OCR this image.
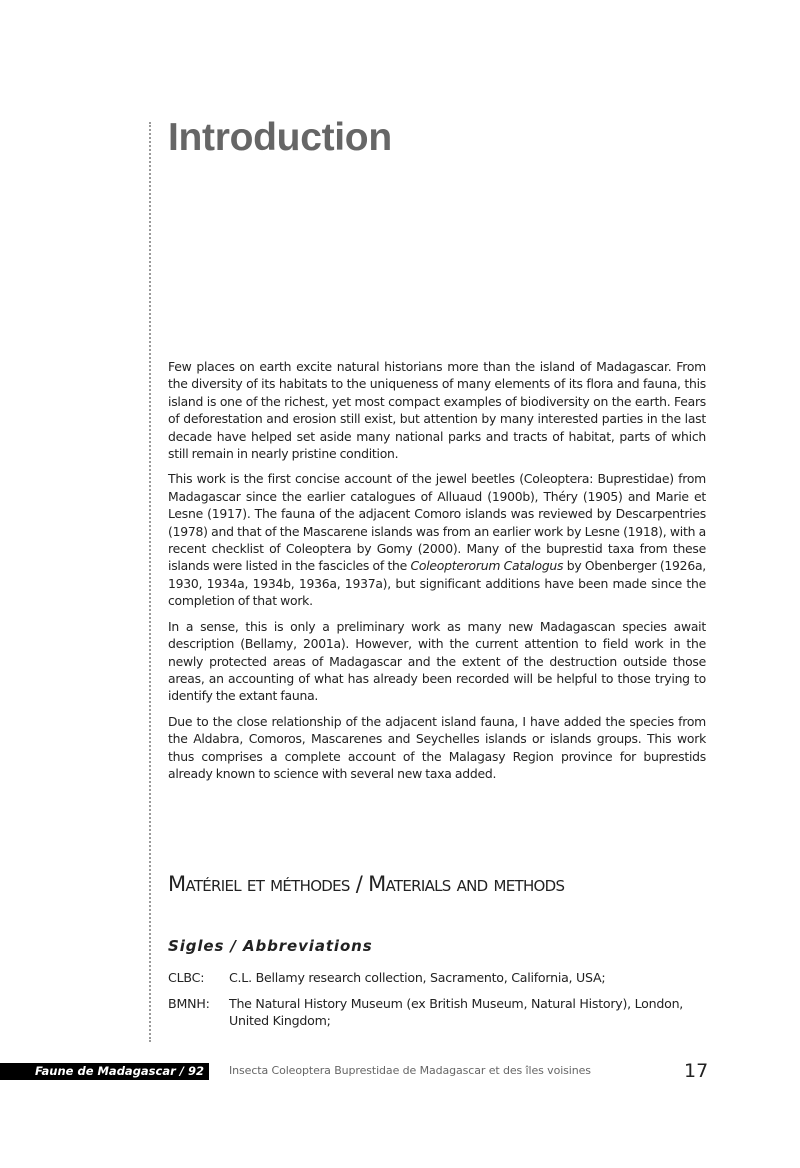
Introduction

Few places on earth excite natural historians more than the island of Madagascar. From the diversity of its habitats to the uniqueness of many elements of its flora and fauna, this island is one of the richest, yet most compact examples of biodiversity on the earth. Fears of deforestation and erosion still exist, but attention by many interested parties in the last decade have helped set aside many national parks and tracts of habitat, parts of which still remain in nearly pristine condition.

This work is the first concise account of the jewel beetles (Coleoptera: Buprestidae) from Madagascar since the earlier catalogues of Alluaud (1900b), Théry (1905) and Marie et Lesne (1917). The fauna of the adjacent Comoro islands was reviewed by Descarpentries (1978) and that of the Mascarene islands was from an earlier work by Lesne (1918), with a recent checklist of Coleoptera by Gomy (2000). Many of the buprestid taxa from these islands were listed in the fascicles of the Coleopterorum Catalogus by Obenberger (1926a, 1930, 1934a, 1934b, 1936a, 1937a), but significant additions have been made since the completion of that work.

In a sense, this is only a preliminary work as many new Madagascan species await description (Bellamy, 2001a). However, with the current attention to field work in the newly protected areas of Madagascar and the extent of the destruction outside those areas, an accounting of what has already been recorded will be helpful to those trying to identify the extant fauna.

Due to the close relationship of the adjacent island fauna, I have added the species from the Aldabra, Comoros, Mascarenes and Seychelles islands or islands groups. This work thus comprises a complete account of the Malagasy Region province for buprestids already known to science with several new taxa added.

Matériel et méthodes / Materials and methods
Sigles / Abbreviations
CLBC:	C.L. Bellamy research collection, Sacramento, California, USA;
BMNH:	The Natural History Museum (ex British Museum, Natural History), London, United Kingdom;
Faune de Madagascar / 92	Insecta Coleoptera Buprestidae de Madagascar et des îles voisines	17
